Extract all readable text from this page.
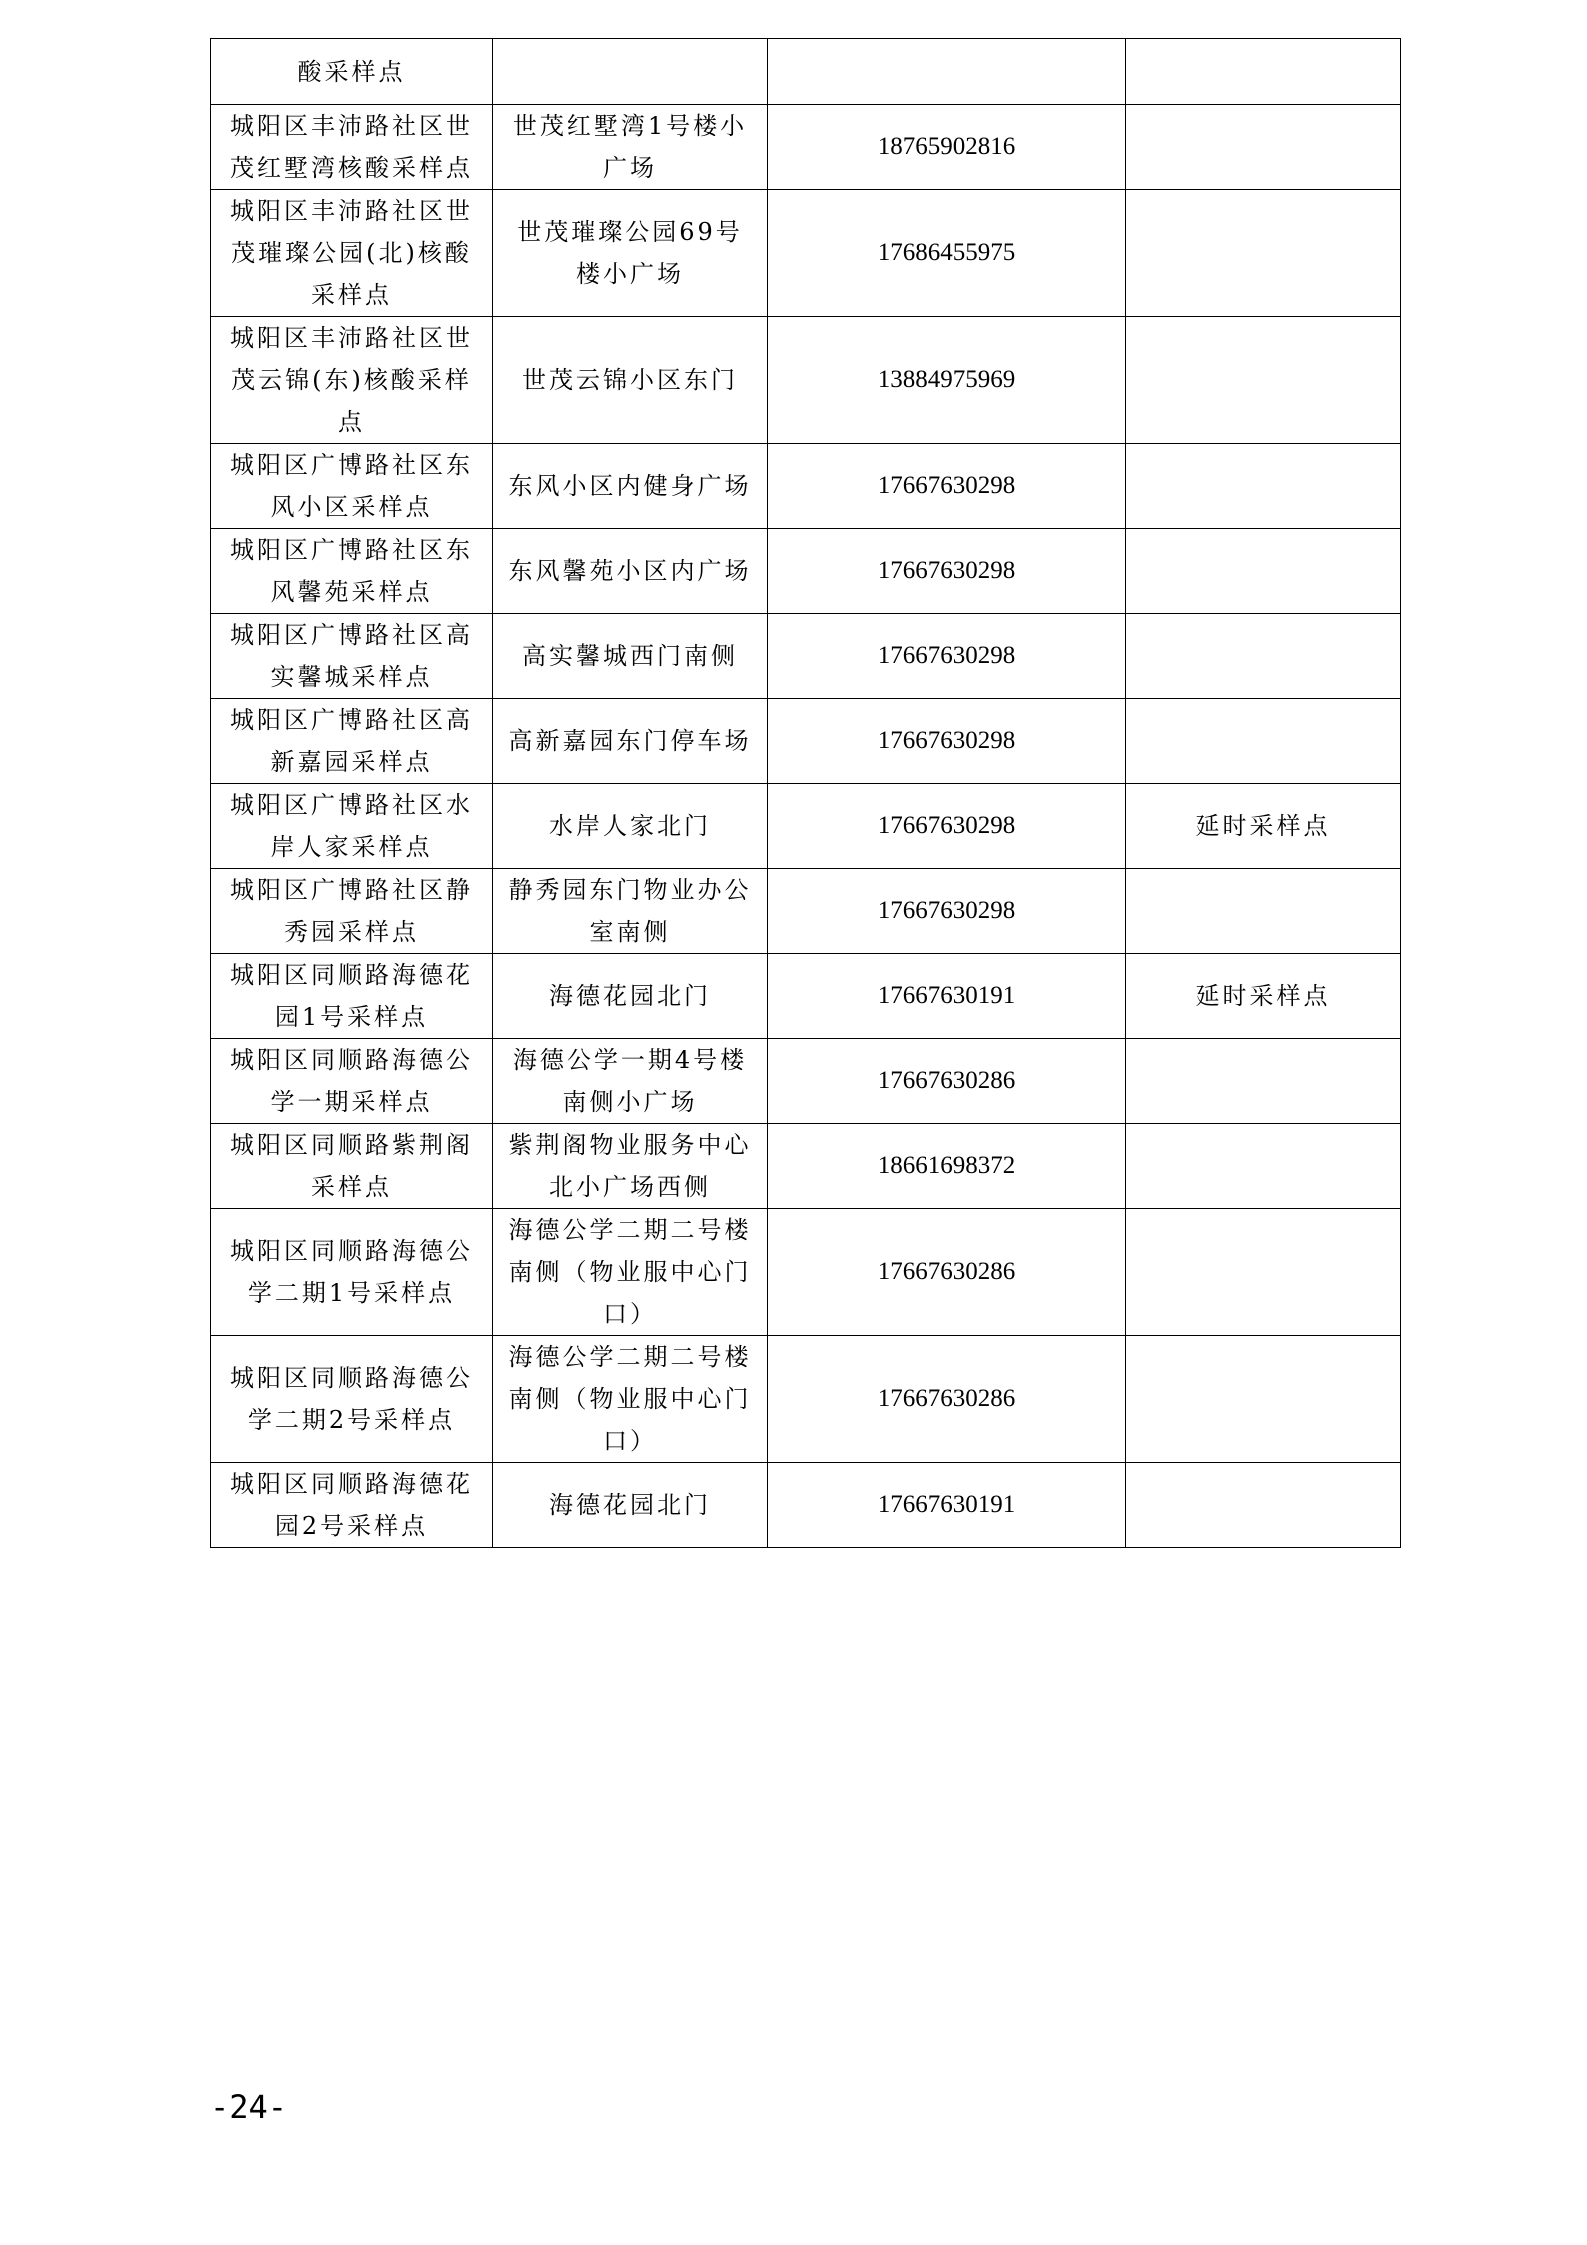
酸采样点			
城阳区丰沛路社区世茂红墅湾核酸采样点	世茂红墅湾1号楼小广场	18765902816	
城阳区丰沛路社区世茂璀璨公园(北)核酸采样点	世茂璀璨公园69号楼小广场	17686455975	
城阳区丰沛路社区世茂云锦(东)核酸采样点	世茂云锦小区东门	13884975969	
城阳区广博路社区东风小区采样点	东风小区内健身广场	17667630298	
城阳区广博路社区东风馨苑采样点	东风馨苑小区内广场	17667630298	
城阳区广博路社区高实馨城采样点	高实馨城西门南侧	17667630298	
城阳区广博路社区高新嘉园采样点	高新嘉园东门停车场	17667630298	
城阳区广博路社区水岸人家采样点	水岸人家北门	17667630298	延时采样点
城阳区广博路社区静秀园采样点	静秀园东门物业办公室南侧	17667630298	
城阳区同顺路海德花园1号采样点	海德花园北门	17667630191	延时采样点
城阳区同顺路海德公学一期采样点	海德公学一期4号楼南侧小广场	17667630286	
城阳区同顺路紫荆阁采样点	紫荆阁物业服务中心北小广场西侧	18661698372	
城阳区同顺路海德公学二期1号采样点	海德公学二期二号楼南侧（物业服中心门口）	17667630286	
城阳区同顺路海德公学二期2号采样点	海德公学二期二号楼南侧（物业服中心门口）	17667630286	
城阳区同顺路海德花园2号采样点	海德花园北门	17667630191	
-24-
